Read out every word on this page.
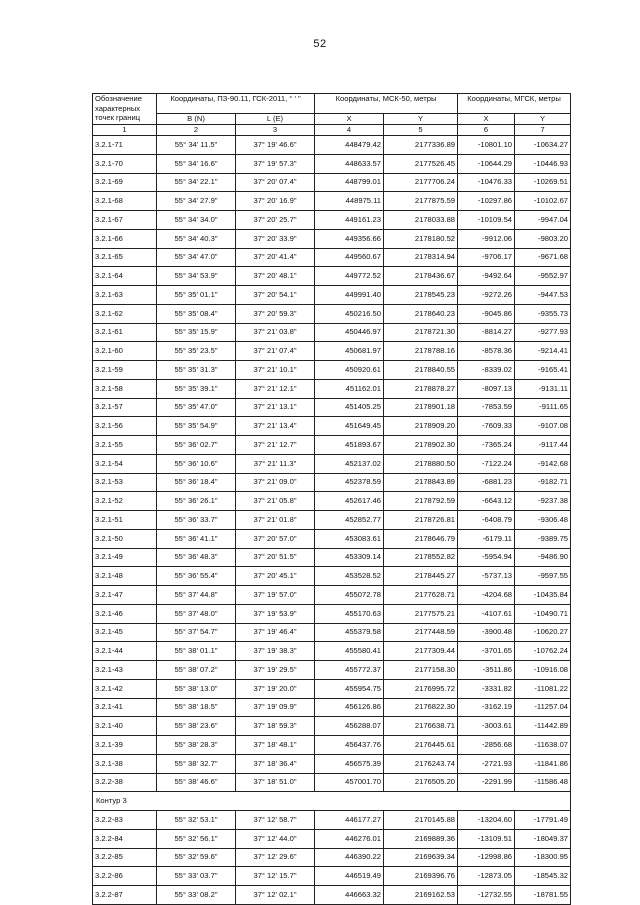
52
Обозначение характерных точек границ	Координаты, ПЗ-90.11, ГСК-2011, ° ' "		Координаты, МСК-50, метры		Координаты, МГСК, метры	
	B (N)	L (E)	X	Y	X	Y
1	2	3	4	5	6	7
3.2.1-71	55° 34' 11.5"	37° 19' 46.6"	448479.42	2177336.89	-10801.10	-10634.27
3.2.1-70	55° 34' 16.6"	37° 19' 57.3"	448633.57	2177526.45	-10644.29	-10446.93
3.2.1-69	55° 34' 22.1"	37° 20' 07.4"	448799.01	2177706.24	-10476.33	-10269.51
3.2.1-68	55° 34' 27.9"	37° 20' 16.9"	448975.11	2177875.59	-10297.86	-10102.67
3.2.1-67	55° 34' 34.0"	37° 20' 25.7"	449161.23	2178033.88	-10109.54	-9947.04
3.2.1-66	55° 34' 40.3"	37° 20' 33.9"	449356.66	2178180.52	-9912.06	-9803.20
3.2.1-65	55° 34' 47.0"	37° 20' 41.4"	449560.67	2178314.94	-9706.17	-9671.68
3.2.1-64	55° 34' 53.9"	37° 20' 48.1"	449772.52	2178436.67	-9492.64	-9552.97
3.2.1-63	55° 35' 01.1"	37° 20' 54.1"	449991.40	2178545.23	-9272.26	-9447.53
3.2.1-62	55° 35' 08.4"	37° 20' 59.3"	450216.50	2178640.23	-9045.86	-9355.73
3.2.1-61	55° 35' 15.9"	37° 21' 03.8"	450446.97	2178721.30	-8814.27	-9277.93
3.2.1-60	55° 35' 23.5"	37° 21' 07.4"	450681.97	2178788.16	-8578.36	-9214.41
3.2.1-59	55° 35' 31.3"	37° 21' 10.1"	450920.61	2178840.55	-8339.02	-9165.41
3.2.1-58	55° 35' 39.1"	37° 21' 12.1"	451162.01	2178878.27	-8097.13	-9131.11
3.2.1-57	55° 35' 47.0"	37° 21' 13.1"	451405.25	2178901.18	-7853.59	-9111.65
3.2.1-56	55° 35' 54.9"	37° 21' 13.4"	451649.45	2178909.20	-7609.33	-9107.08
3.2.1-55	55° 36' 02.7"	37° 21' 12.7"	451893.67	2178902.30	-7365.24	-9117.44
3.2.1-54	55° 36' 10.6"	37° 21' 11.3"	452137.02	2178880.50	-7122.24	-9142.68
3.2.1-53	55° 36' 18.4"	37° 21' 09.0"	452378.59	2178843.89	-6881.23	-9182.71
3.2.1-52	55° 36' 26.1"	37° 21' 05.8"	452617.46	2178792.59	-6643.12	-9237.38
3.2.1-51	55° 36' 33.7"	37° 21' 01.8"	452852.77	2178726.81	-6408.79	-9306.48
3.2.1-50	55° 36' 41.1"	37° 20' 57.0"	453083.61	2178646.79	-6179.11	-9389.75
3.2.1-49	55° 36' 48.3"	37° 20' 51.5"	453309.14	2178552.82	-5954.94	-9486.90
3.2.1-48	55° 36' 55.4"	37° 20' 45.1"	453528.52	2178445.27	-5737.13	-9597.55
3.2.1-47	55° 37' 44.8"	37° 19' 57.0"	455072.78	2177628.71	-4204.68	-10435.84
3.2.1-46	55° 37' 48.0"	37° 19' 53.9"	455170.63	2177575.21	-4107.61	-10490.71
3.2.1-45	55° 37' 54.7"	37° 19' 46.4"	455379.58	2177448.59	-3900.48	-10620.27
3.2.1-44	55° 38' 01.1"	37° 19' 38.3"	455580.41	2177309.44	-3701.65	-10762.24
3.2.1-43	55° 38' 07.2"	37° 19' 29.5"	455772.37	2177158.30	-3511.86	-10916.08
3.2.1-42	55° 38' 13.0"	37° 19' 20.0"	455954.75	2176995.72	-3331.82	-11081.22
3.2.1-41	55° 38' 18.5"	37° 19' 09.9"	456126.86	2176822.30	-3162.19	-11257.04
3.2.1-40	55° 38' 23.6"	37° 18' 59.3"	456288.07	2176638.71	-3003.61	-11442.89
3.2.1-39	55° 38' 28.3"	37° 18' 48.1"	456437.76	2176445.61	-2856.68	-11638.07
3.2.1-38	55° 38' 32.7"	37° 18' 36.4"	456575.39	2176243.74	-2721.93	-11841.86
3.2.2-38	55° 38' 46.6"	37° 18' 51.0"	457001.70	2176505.20	-2291.99	-11586.48
Контур 3						
3.2.2-83	55° 32' 53.1"	37° 12' 58.7"	446177.27	2170145.88	-13204.60	-17791.49
3.2.2-84	55° 32' 56.1"	37° 12' 44.0"	446276.01	2169889.36	-13109.51	-18049.37
3.2.2-85	55° 32' 59.6"	37° 12' 29.6"	446390.22	2169639.34	-12998.86	-18300.95
3.2.2-86	55° 33' 03.7"	37° 12' 15.7"	446519.49	2169396.76	-12873.05	-18545.32
3.2.2-87	55° 33' 08.2"	37° 12' 02.1"	446663.32	2169162.53	-12732.55	-18781.55
